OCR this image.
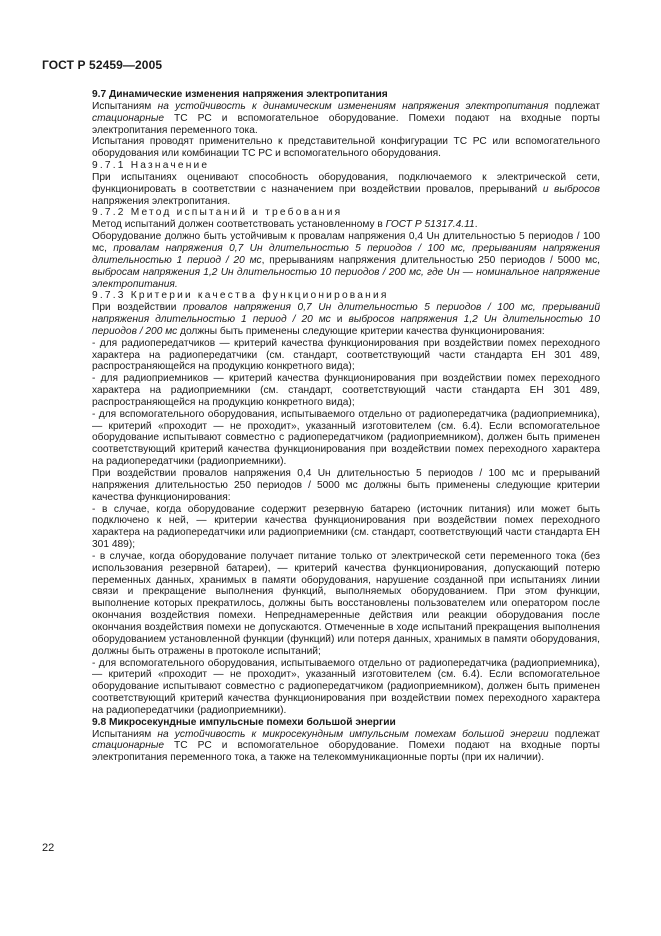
ГОСТ Р 52459—2005

9.7 Динамические изменения напряжения электропитания

Испытаниям на устойчивость к динамическим изменениям напряжения электропитания подлежат стационарные ТС РС и вспомогательное оборудование. Помехи подают на входные порты электропитания переменного тока.

Испытания проводят применительно к представительной конфигурации ТС РС или вспомогательного оборудования или комбинации ТС РС и вспомогательного оборудования.

9.7.1 Назначение

При испытаниях оценивают способность оборудования, подключаемого к электрической сети, функционировать в соответствии с назначением при воздействии провалов, прерываний и выбросов напряжения электропитания.

9.7.2 Метод испытаний и требования

Метод испытаний должен соответствовать установленному в ГОСТ Р 51317.4.11.

Оборудование должно быть устойчивым к провалам напряжения 0,4 Uн длительностью 5 периодов / 100 мс, провалам напряжения 0,7 Uн длительностью 5 периодов / 100 мс, прерываниям напряжения длительностью 1 период / 20 мс, прерываниям напряжения длительностью 250 периодов / 5000 мс, выбросам напряжения 1,2 Uн длительностью 10 периодов / 200 мс, где Uн — номинальное напряжение электропитания.

9.7.3 Критерии качества функционирования

При воздействии провалов напряжения 0,7 Uн длительностью 5 периодов / 100 мс, прерываний напряжения длительностью 1 период / 20 мс и выбросов напряжения 1,2 Uн длительностью 10 периодов / 200 мс должны быть применены следующие критерии качества функционирования:

- для радиопередатчиков — критерий качества функционирования при воздействии помех переходного характера на радиопередатчики (см. стандарт, соответствующий части стандарта ЕН 301 489, распространяющейся на продукцию конкретного вида);

- для радиоприемников — критерий качества функционирования при воздействии помех переходного характера на радиоприемники (см. стандарт, соответствующий части стандарта ЕН 301 489, распространяющейся на продукцию конкретного вида);

- для вспомогательного оборудования, испытываемого отдельно от радиопередатчика (радиоприемника), — критерий «проходит — не проходит», указанный изготовителем (см. 6.4). Если вспомогательное оборудование испытывают совместно с радиопередатчиком (радиоприемником), должен быть применен соответствующий критерий качества функционирования при воздействии помех переходного характера на радиопередатчики (радиоприемники).

При воздействии провалов напряжения 0,4 Uн длительностью 5 периодов / 100 мс и прерываний напряжения длительностью 250 периодов / 5000 мс должны быть применены следующие критерии качества функционирования:

- в случае, когда оборудование содержит резервную батарею (источник питания) или может быть подключено к ней, — критерии качества функционирования при воздействии помех переходного характера на радиопередатчики или радиоприемники (см. стандарт, соответствующий части стандарта ЕН 301 489);

- в случае, когда оборудование получает питание только от электрической сети переменного тока (без использования резервной батареи), — критерий качества функционирования, допускающий потерю переменных данных, хранимых в памяти оборудования, нарушение созданной при испытаниях линии связи и прекращение выполнения функций, выполняемых оборудованием. При этом функции, выполнение которых прекратилось, должны быть восстановлены пользователем или оператором после окончания воздействия помехи. Непреднамеренные действия или реакции оборудования после окончания воздействия помехи не допускаются. Отмеченные в ходе испытаний прекращения выполнения оборудованием установленной функции (функций) или потеря данных, хранимых в памяти оборудования, должны быть отражены в протоколе испытаний;

- для вспомогательного оборудования, испытываемого отдельно от радиопередатчика (радиоприемника), — критерий «проходит — не проходит», указанный изготовителем (см. 6.4). Если вспомогательное оборудование испытывают совместно с радиопередатчиком (радиоприемником), должен быть применен соответствующий критерий качества функционирования при воздействии помех переходного характера на радиопередатчики (радиоприемники).

9.8 Микросекундные импульсные помехи большой энергии

Испытаниям на устойчивость к микросекундным импульсным помехам большой энергии подлежат стационарные ТС РС и вспомогательное оборудование. Помехи подают на входные порты электропитания переменного тока, а также на телекоммуникационные порты (при их наличии).

22
